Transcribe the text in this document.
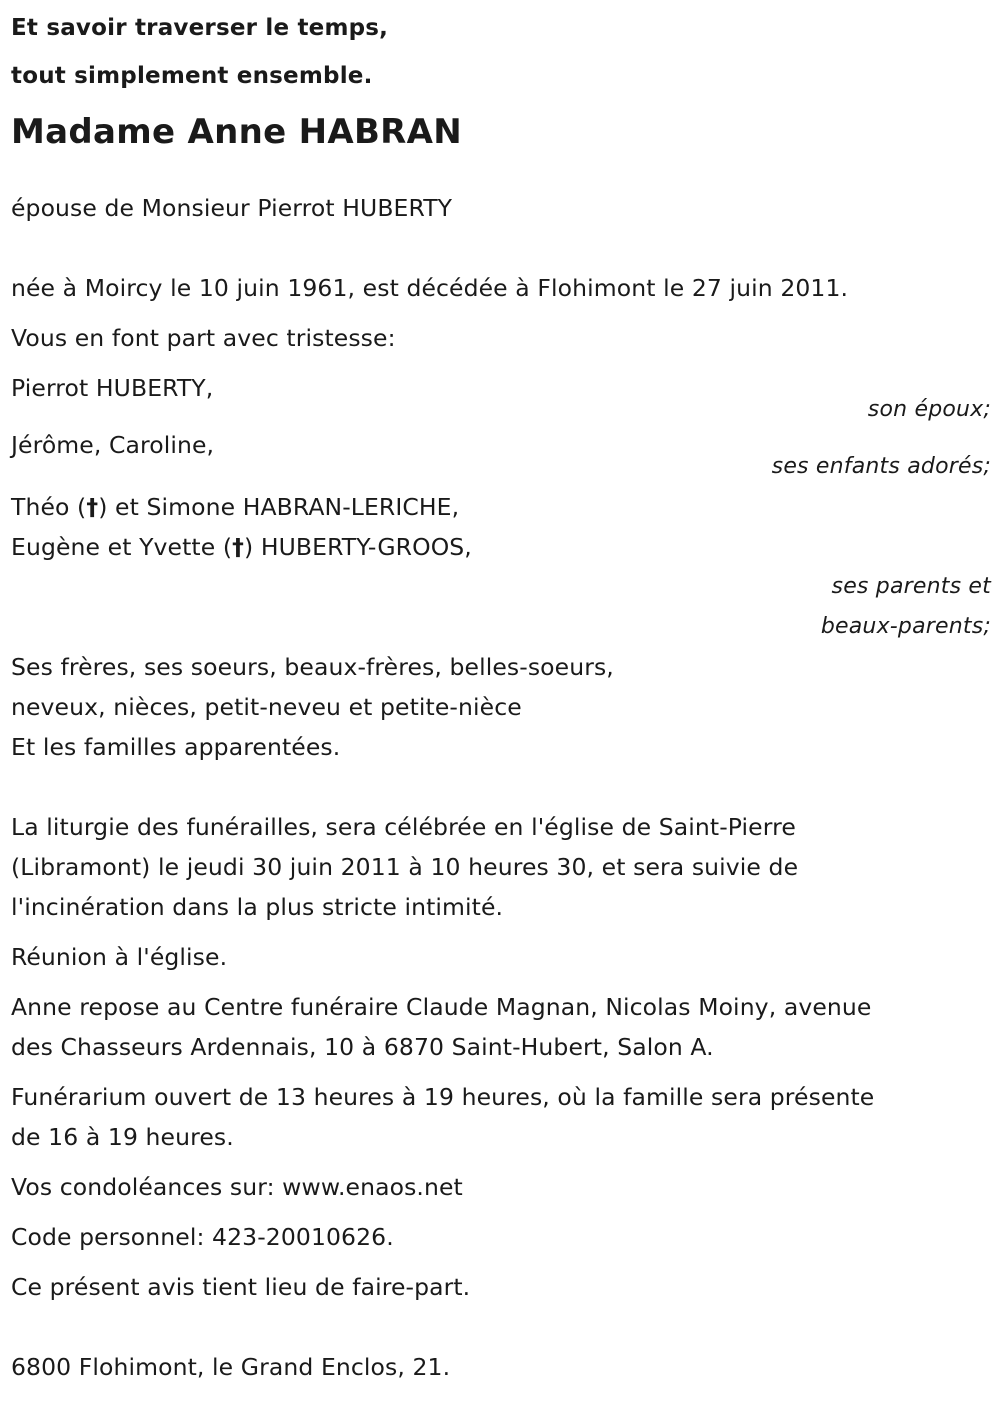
Et savoir traverser le temps,
tout simplement ensemble.
Madame Anne HABRAN
épouse de Monsieur Pierrot HUBERTY
née à Moircy le 10 juin 1961, est décédée à Flohimont le 27 juin 2011.
Vous en font part avec tristesse:
Pierrot HUBERTY,
son époux;
Jérôme, Caroline,
ses enfants adorés;
Théo (†) et Simone HABRAN-LERICHE,
Eugène et Yvette (†) HUBERTY-GROOS,
ses parents et
beaux-parents;
Ses frères, ses soeurs, beaux-frères, belles-soeurs,
neveux, nièces, petit-neveu et petite-nièce
Et les familles apparentées.
La liturgie des funérailles, sera célébrée en l'église de Saint-Pierre
(Libramont) le jeudi 30 juin 2011 à 10 heures 30, et sera suivie de
l'incinération dans la plus stricte intimité.
Réunion à l'église.
Anne repose au Centre funéraire Claude Magnan, Nicolas Moiny, avenue
des Chasseurs Ardennais, 10 à 6870 Saint-Hubert, Salon A.
Funérarium ouvert de 13 heures à 19 heures, où la famille sera présente
de 16 à 19 heures.
Vos condoléances sur: www.enaos.net
Code personnel: 423-20010626.
Ce présent avis tient lieu de faire-part.
6800 Flohimont, le Grand Enclos, 21.
